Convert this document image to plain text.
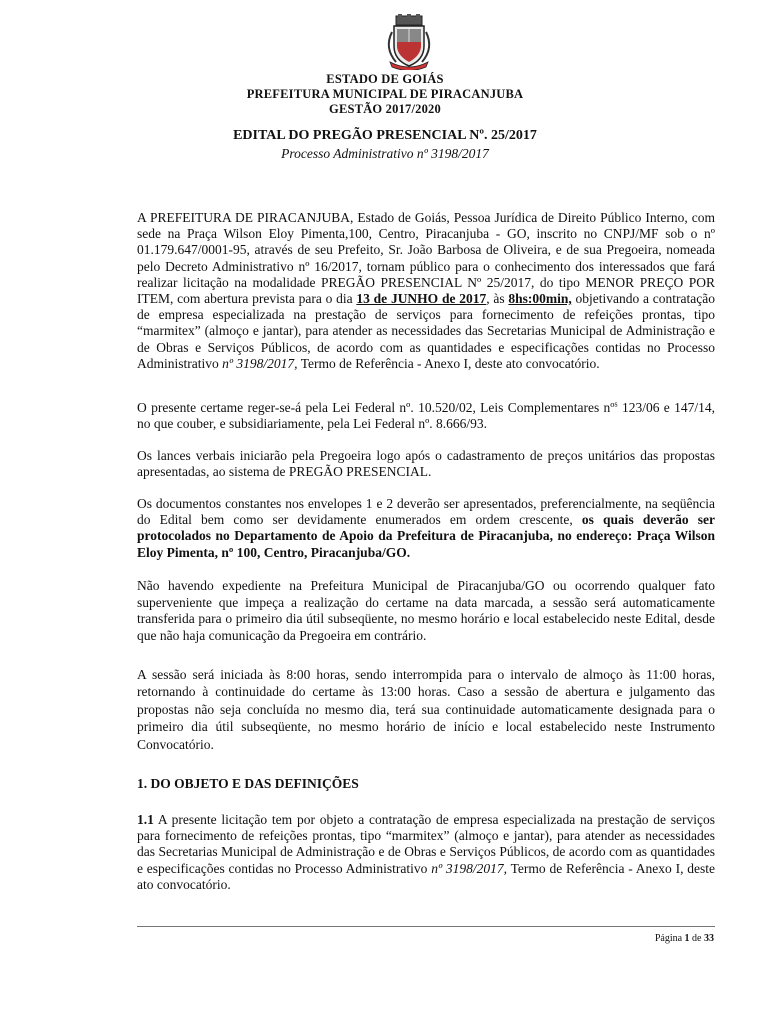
ESTADO DE GOIÁS
PREFEITURA MUNICIPAL DE PIRACANJUBA
GESTÃO 2017/2020
EDITAL DO PREGÃO PRESENCIAL Nº. 25/2017
Processo Administrativo nº 3198/2017

A PREFEITURA DE PIRACANJUBA, Estado de Goiás, Pessoa Jurídica de Direito Público Interno, com sede na Praça Wilson Eloy Pimenta,100, Centro, Piracanjuba - GO, inscrito no CNPJ/MF sob o nº 01.179.647/0001-95, através de seu Prefeito, Sr. João Barbosa de Oliveira, e de sua Pregoeira, nomeada pelo Decreto Administrativo nº 16/2017, tornam público para o conhecimento dos interessados que fará realizar licitação na modalidade PREGÃO PRESENCIAL Nº 25/2017, do tipo MENOR PREÇO POR ITEM, com abertura prevista para o dia 13 de JUNHO de 2017, às 8hs:00min, objetivando a contratação de empresa especializada na prestação de serviços para fornecimento de refeições prontas, tipo “marmitex” (almoço e jantar), para atender as necessidades das Secretarias Municipal de Administração e de Obras e Serviços Públicos, de acordo com as quantidades e especificações contidas no Processo Administrativo nº 3198/2017, Termo de Referência - Anexo I, deste ato convocatório.

O presente certame reger-se-á pela Lei Federal nº. 10.520/02, Leis Complementares nº$^s$ 123/06 e 147/14, no que couber, e subsidiariamente, pela Lei Federal nº. 8.666/93.

Os lances verbais iniciarão pela Pregoeira logo após o cadastramento de preços unitários das propostas apresentadas, ao sistema de PREGÃO PRESENCIAL.

Os documentos constantes nos envelopes 1 e 2 deverão ser apresentados, preferencialmente, na seqüência do Edital bem como ser devidamente enumerados em ordem crescente, os quais deverão ser protocolados no Departamento de Apoio da Prefeitura de Piracanjuba, no endereço: Praça Wilson Eloy Pimenta, nº 100, Centro, Piracanjuba/GO.

Não havendo expediente na Prefeitura Municipal de Piracanjuba/GO ou ocorrendo qualquer fato superveniente que impeça a realização do certame na data marcada, a sessão será automaticamente transferida para o primeiro dia útil subseqüente, no mesmo horário e local estabelecido neste Edital, desde que não haja comunicação da Pregoeira em contrário.

A sessão será iniciada às 8:00 horas, sendo interrompida para o intervalo de almoço às 11:00 horas, retornando à continuidade do certame às 13:00 horas. Caso a sessão de abertura e julgamento das propostas não seja concluída no mesmo dia, terá sua continuidade automaticamente designada para o primeiro dia útil subseqüente, no mesmo horário de início e local estabelecido neste Instrumento Convocatório.

1. DO OBJETO E DAS DEFINIÇÕES

1.1 A presente licitação tem por objeto a contratação de empresa especializada na prestação de serviços para fornecimento de refeições prontas, tipo “marmitex” (almoço e jantar), para atender as necessidades das Secretarias Municipal de Administração e de Obras e Serviços Públicos, de acordo com as quantidades e especificações contidas no Processo Administrativo nº 3198/2017, Termo de Referência - Anexo I, deste ato convocatório.

Página 1 de 33
